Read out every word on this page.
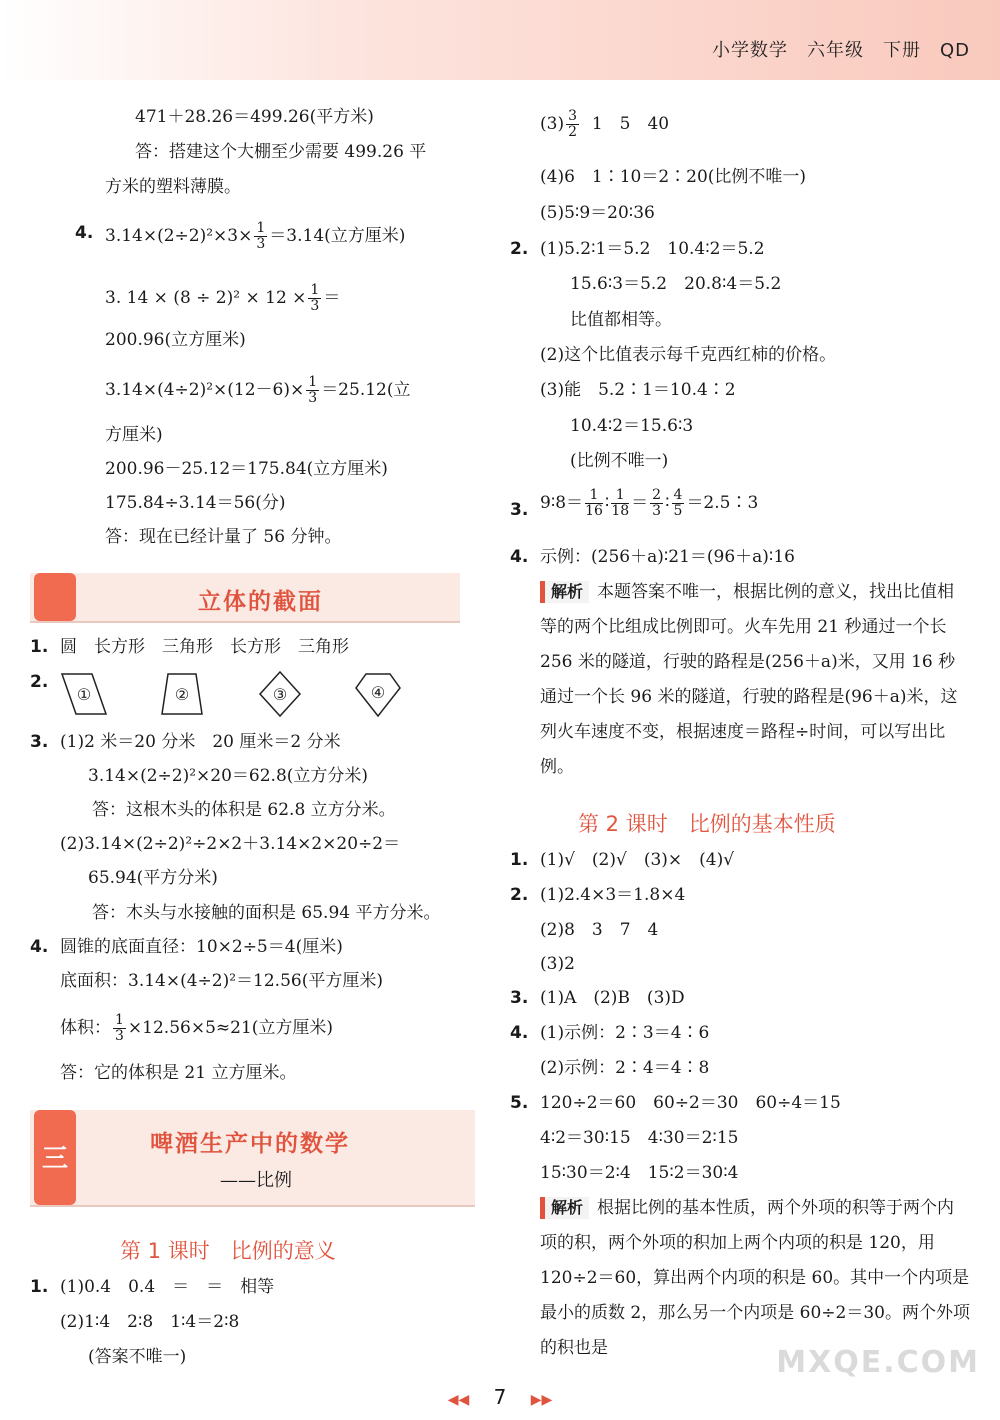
小学数学　六年级　下册　QD
471＋28.26＝499.26(平方米)
答：搭建这个大棚至少需要 499.26 平
方米的塑料薄膜。
4. $3.14\times(2\div 2)^2\times 3\times \frac{1}{3} =3.14$(立方厘米)
3. $14 \times (8 \div 2)^2 \times 12 \times \frac{1}{3}$ ＝
200.96(立方厘米)
$3.14\times(4\div 2)^2\times(12-6)\times \frac{1}{3} =25.12$(立
方厘米)
200.96－25.12＝175.84(立方厘米)
175.84÷3.14＝56(分)
答：现在已经计量了 56 分钟。
立体的截面
1. 圆　长方形　三角形　长方形　三角形
2.
①	②	③	④
3. (1)2 米＝20 分米　20 厘米＝2 分米
3.14×(2÷2)²×20＝62.8(立方分米)
答：这根木头的体积是 62.8 立方分米。
(2)3.14×(2÷2)²÷2×2＋3.14×2×20÷2＝
65.94(平方分米)
答：木头与水接触的面积是 65.94 平方分米。
4. 圆锥的底面直径：10×2÷5＝4(厘米)
底面积：3.14×(4÷2)²＝12.56(平方厘米)
体积： $\frac{1}{3} \times 12.56\times 5\approx 21$(立方厘米)
答：它的体积是 21 立方厘米。
三	啤酒生产中的数学
——比例
第 1 课时　比例的意义
1. (1)0.4　0.4　＝　＝　相等
(2)1∶4　2∶8　1∶4＝2∶8
(答案不唯一)
$(3) \frac{3}{2} 1$　5　40
(4)6　1∶10＝2∶20(比例不唯一)
(5)5∶9＝20∶36
2. (1)5.2∶1＝5.2　10.4∶2＝5.2
15.6∶3＝5.2　20.8∶4＝5.2
比值都相等。
(2)这个比值表示每千克西红柿的价格。
(3)能　5.2∶1＝10.4∶2
10.4∶2＝15.6∶3
(比例不唯一)
3. 9∶8＝ $\frac{1}{16}$ ∶ $\frac{1}{18} = \frac{2}{3}$ ∶ $\frac{4}{5}$ ＝2.5∶3
4. 示例：(256＋a)∶21＝(96＋a)∶16
解析 本题答案不唯一，根据比例的意义，找出比值相等的两个比组成比例即可。火车先用 21 秒通过一个长 256 米的隧道，行驶的路程是(256＋a)米，又用 16 秒通过一个长 96 米的隧道，行驶的路程是(96＋a)米，这列火车速度不变，根据速度＝路程÷时间，可以写出比例。
第 2 课时　比例的基本性质
1. (1)√　(2)√　(3)×　(4)√
2. (1)2.4×3＝1.8×4
(2)8　3　7　4
(3)2
3. (1)A　(2)B　(3)D
4. (1)示例：2∶3＝4∶6
(2)示例：2∶4＝4∶8
5. 120÷2＝60　60÷2＝30　60÷4＝15
4∶2＝30∶15　4∶30＝2∶15
15∶30＝2∶4　15∶2＝30∶4
解析 根据比例的基本性质，两个外项的积等于两个内项的积，两个外项的积加上两个内项的积是 120，用 120÷2＝60，算出两个内项的积是 60。其中一个内项是最小的质数 2，那么另一个内项是 60÷2＝30。两个外项的积也是
◀◀ 7 ▶▶
MXQE.COM
